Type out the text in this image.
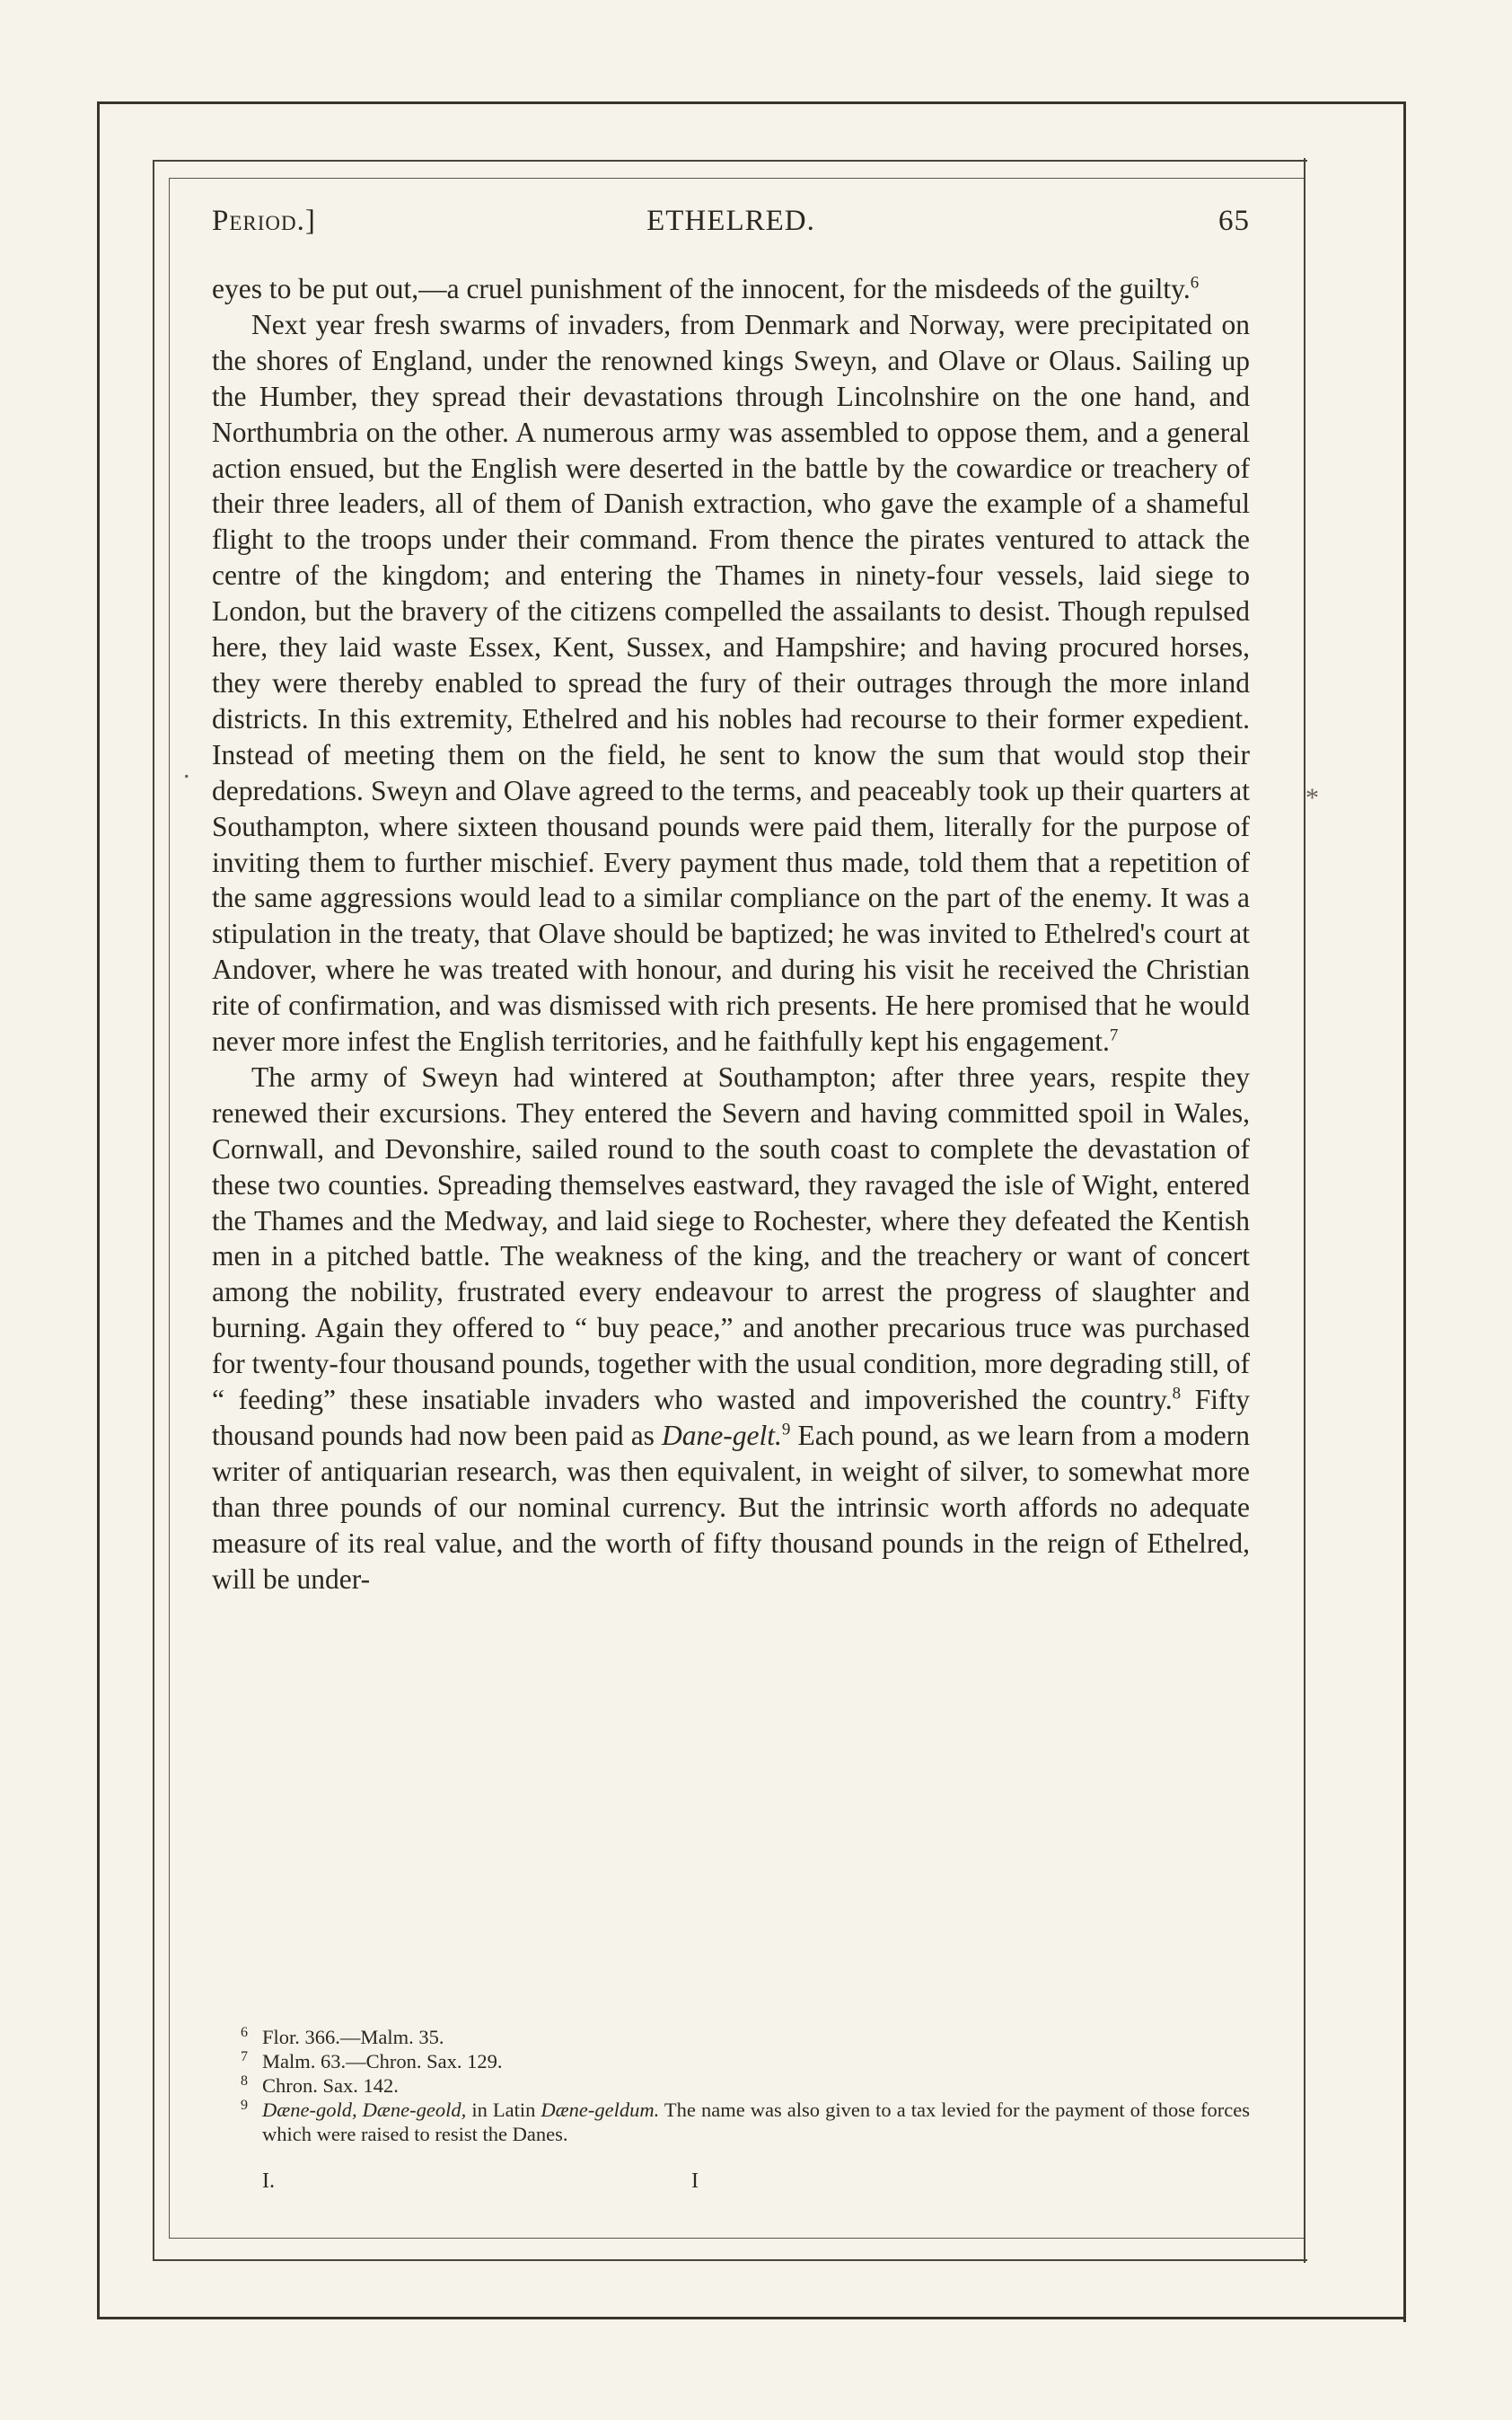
.
*
Period.]	ETHELRED.	65

eyes to be put out,—a cruel punishment of the innocent, for the misdeeds of the guilty.$^6$

Next year fresh swarms of invaders, from Denmark and Norway, were precipitated on the shores of England, under the renowned kings Sweyn, and Olave or Olaus. Sailing up the Humber, they spread their devastations through Lincolnshire on the one hand, and Northumbria on the other. A numerous army was assembled to oppose them, and a general action ensued, but the English were deserted in the battle by the cowardice or treachery of their three leaders, all of them of Danish extraction, who gave the example of a shameful flight to the troops under their command. From thence the pirates ventured to attack the centre of the kingdom; and entering the Thames in ninety-four vessels, laid siege to London, but the bravery of the citizens compelled the assailants to desist. Though repulsed here, they laid waste Essex, Kent, Sussex, and Hampshire; and having procured horses, they were thereby enabled to spread the fury of their outrages through the more inland districts. In this extremity, Ethelred and his nobles had recourse to their former expedient. Instead of meeting them on the field, he sent to know the sum that would stop their depredations. Sweyn and Olave agreed to the terms, and peaceably took up their quarters at Southampton, where sixteen thousand pounds were paid them, literally for the purpose of inviting them to further mischief. Every payment thus made, told them that a repetition of the same aggressions would lead to a similar compliance on the part of the enemy. It was a stipulation in the treaty, that Olave should be baptized; he was invited to Ethelred's court at Andover, where he was treated with honour, and during his visit he received the Christian rite of confirmation, and was dismissed with rich presents. He here promised that he would never more infest the English territories, and he faithfully kept his engagement.$^7$

The army of Sweyn had wintered at Southampton; after three years, respite they renewed their excursions. They entered the Severn and having committed spoil in Wales, Cornwall, and Devonshire, sailed round to the south coast to complete the devastation of these two counties. Spreading themselves eastward, they ravaged the isle of Wight, entered the Thames and the Medway, and laid siege to Rochester, where they defeated the Kentish men in a pitched battle. The weakness of the king, and the treachery or want of concert among the nobility, frustrated every endeavour to arrest the progress of slaughter and burning. Again they offered to “ buy peace,” and another precarious truce was purchased for twenty-four thousand pounds, together with the usual condition, more degrading still, of “ feeding” these insatiable invaders who wasted and impoverished the country.$^8$ Fifty thousand pounds had now been paid as Dane-gelt.$^9$ Each pound, as we learn from a modern writer of antiquarian research, was then equivalent, in weight of silver, to somewhat more than three pounds of our nominal currency. But the intrinsic worth affords no adequate measure of its real value, and the worth of fifty thousand pounds in the reign of Ethelred, will be under-

6 Flor. 366.—Malm. 35.

7 Malm. 63.—Chron. Sax. 129.

8 Chron. Sax. 142.

9 Dæne-gold, Dæne-geold, in Latin Dæne-geldum. The name was also given to a tax levied for the payment of those forces which were raised to resist the Danes.

I.	I
